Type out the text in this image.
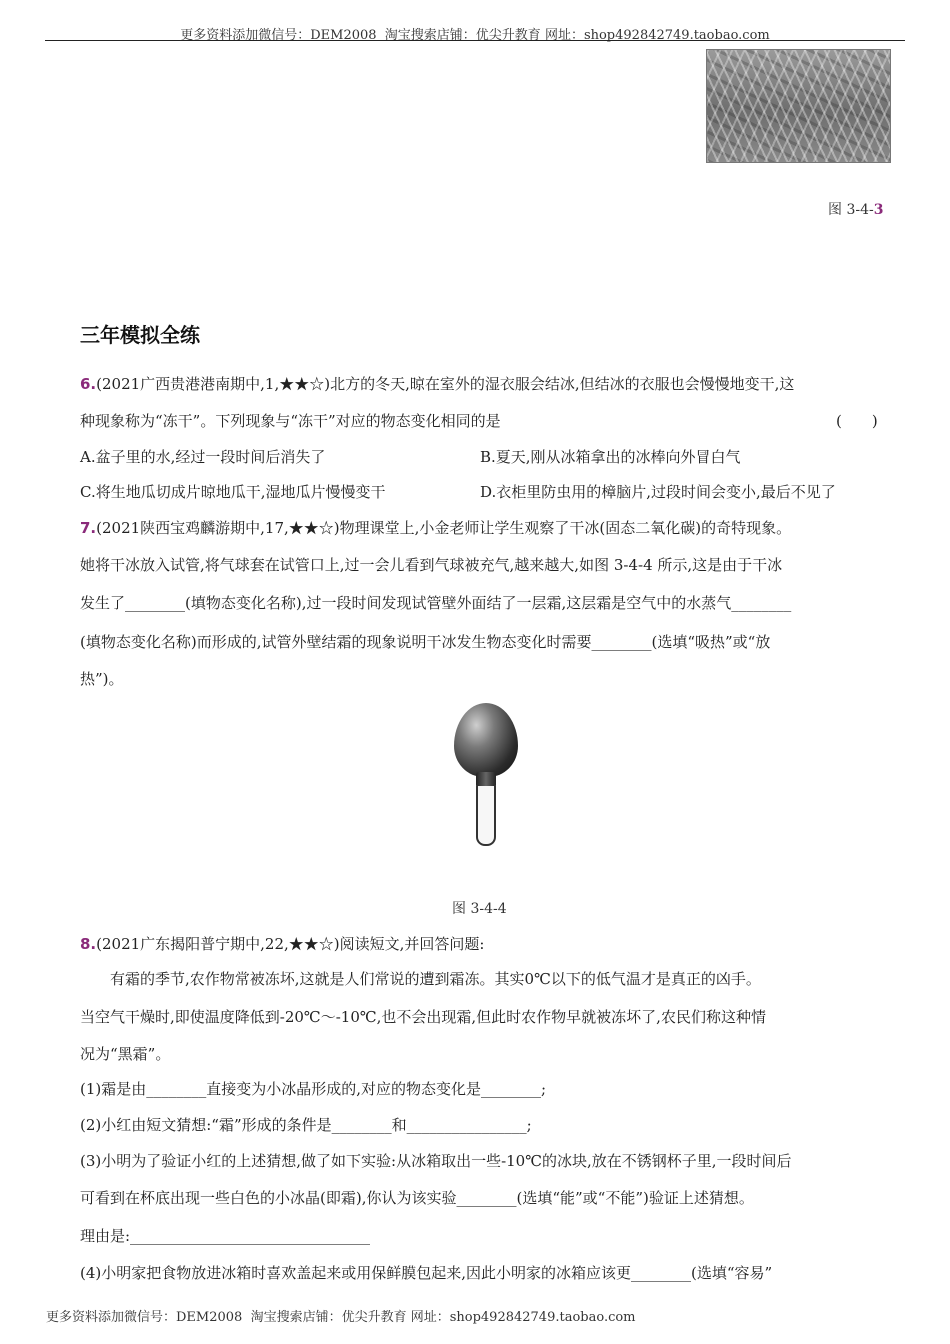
更多资料添加微信号：DEM2008  淘宝搜索店铺：优尖升教育 网址：shop492842749.taobao.com
图 3-4-3
三年模拟全练
6.(2021广西贵港港南期中,1,★★☆)北方的冬天,晾在室外的湿衣服会结冰,但结冰的衣服也会慢慢地变干,这
种现象称为“冻干”。下列现象与“冻干”对应的物态变化相同的是	(　　)
A.盆子里的水,经过一段时间后消失了	B.夏天,刚从冰箱拿出的冰棒向外冒白气
C.将生地瓜切成片晾地瓜干,湿地瓜片慢慢变干	D.衣柜里防虫用的樟脑片,过段时间会变小,最后不见了
7.(2021陕西宝鸡麟游期中,17,★★☆)物理课堂上,小金老师让学生观察了干冰(固态二氧化碳)的奇特现象。
她将干冰放入试管,将气球套在试管口上,过一会儿看到气球被充气,越来越大,如图 3-4-4 所示,这是由于干冰
发生了________(填物态变化名称),过一段时间发现试管壁外面结了一层霜,这层霜是空气中的水蒸气________
(填物态变化名称)而形成的,试管外壁结霜的现象说明干冰发生物态变化时需要________(选填“吸热”或“放
热”)。
图 3-4-4
8.(2021广东揭阳普宁期中,22,★★☆)阅读短文,并回答问题:
　　有霜的季节,农作物常被冻坏,这就是人们常说的遭到霜冻。其实0℃以下的低气温才是真正的凶手。
当空气干燥时,即使温度降低到-20℃～-10℃,也不会出现霜,但此时农作物早就被冻坏了,农民们称这种情
况为“黑霜”。
(1)霜是由________直接变为小冰晶形成的,对应的物态变化是________;
(2)小红由短文猜想:“霜”形成的条件是________和________________;
(3)小明为了验证小红的上述猜想,做了如下实验:从冰箱取出一些-10℃的冰块,放在不锈钢杯子里,一段时间后
可看到在杯底出现一些白色的小冰晶(即霜),你认为该实验________(选填“能”或“不能”)验证上述猜想。
理由是:________________________________
(4)小明家把食物放进冰箱时喜欢盖起来或用保鲜膜包起来,因此小明家的冰箱应该更________(选填“容易”
更多资料添加微信号：DEM2008  淘宝搜索店铺：优尖升教育 网址：shop492842749.taobao.com
